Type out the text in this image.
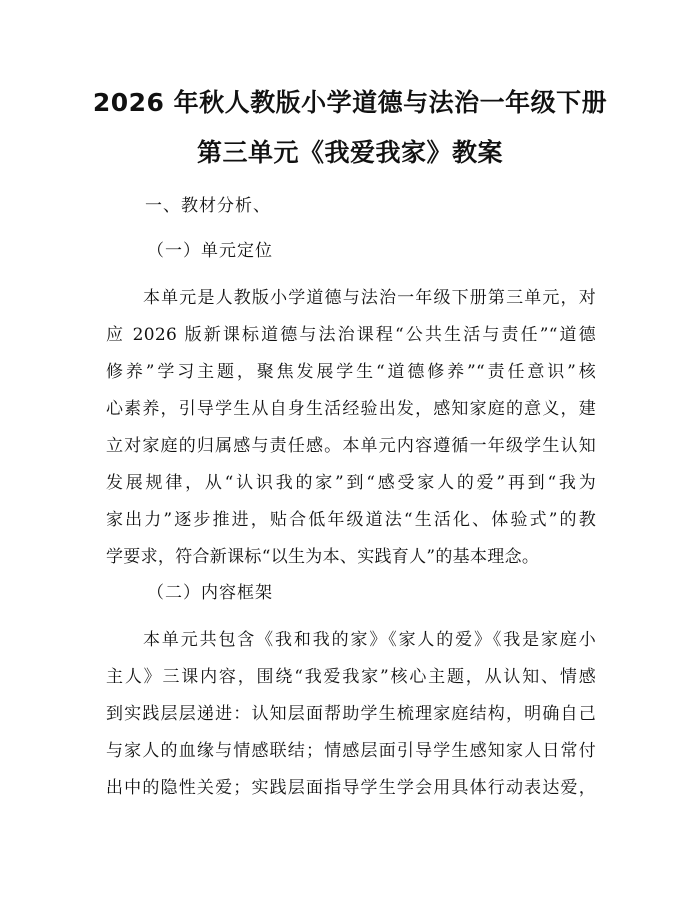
2026 年秋人教版小学道德与法治一年级下册
第三单元《我爱我家》教案
一、教材分析、
（一）单元定位
本单元是人教版小学道德与法治一年级下册第三单元，对
应 2026 版新课标道德与法治课程“公共生活与责任”“道德
修养”学习主题，聚焦发展学生“道德修养”“责任意识”核
心素养，引导学生从自身生活经验出发，感知家庭的意义，建
立对家庭的归属感与责任感。本单元内容遵循一年级学生认知
发展规律，从“认识我的家”到“感受家人的爱”再到“我为
家出力”逐步推进，贴合低年级道法“生活化、体验式”的教
学要求，符合新课标“以生为本、实践育人”的基本理念。
（二）内容框架
本单元共包含《我和我的家》《家人的爱》《我是家庭小
主人》三课内容，围绕“我爱我家”核心主题，从认知、情感
到实践层层递进：认知层面帮助学生梳理家庭结构，明确自己
与家人的血缘与情感联结；情感层面引导学生感知家人日常付
出中的隐性关爱；实践层面指导学生学会用具体行动表达爱，
